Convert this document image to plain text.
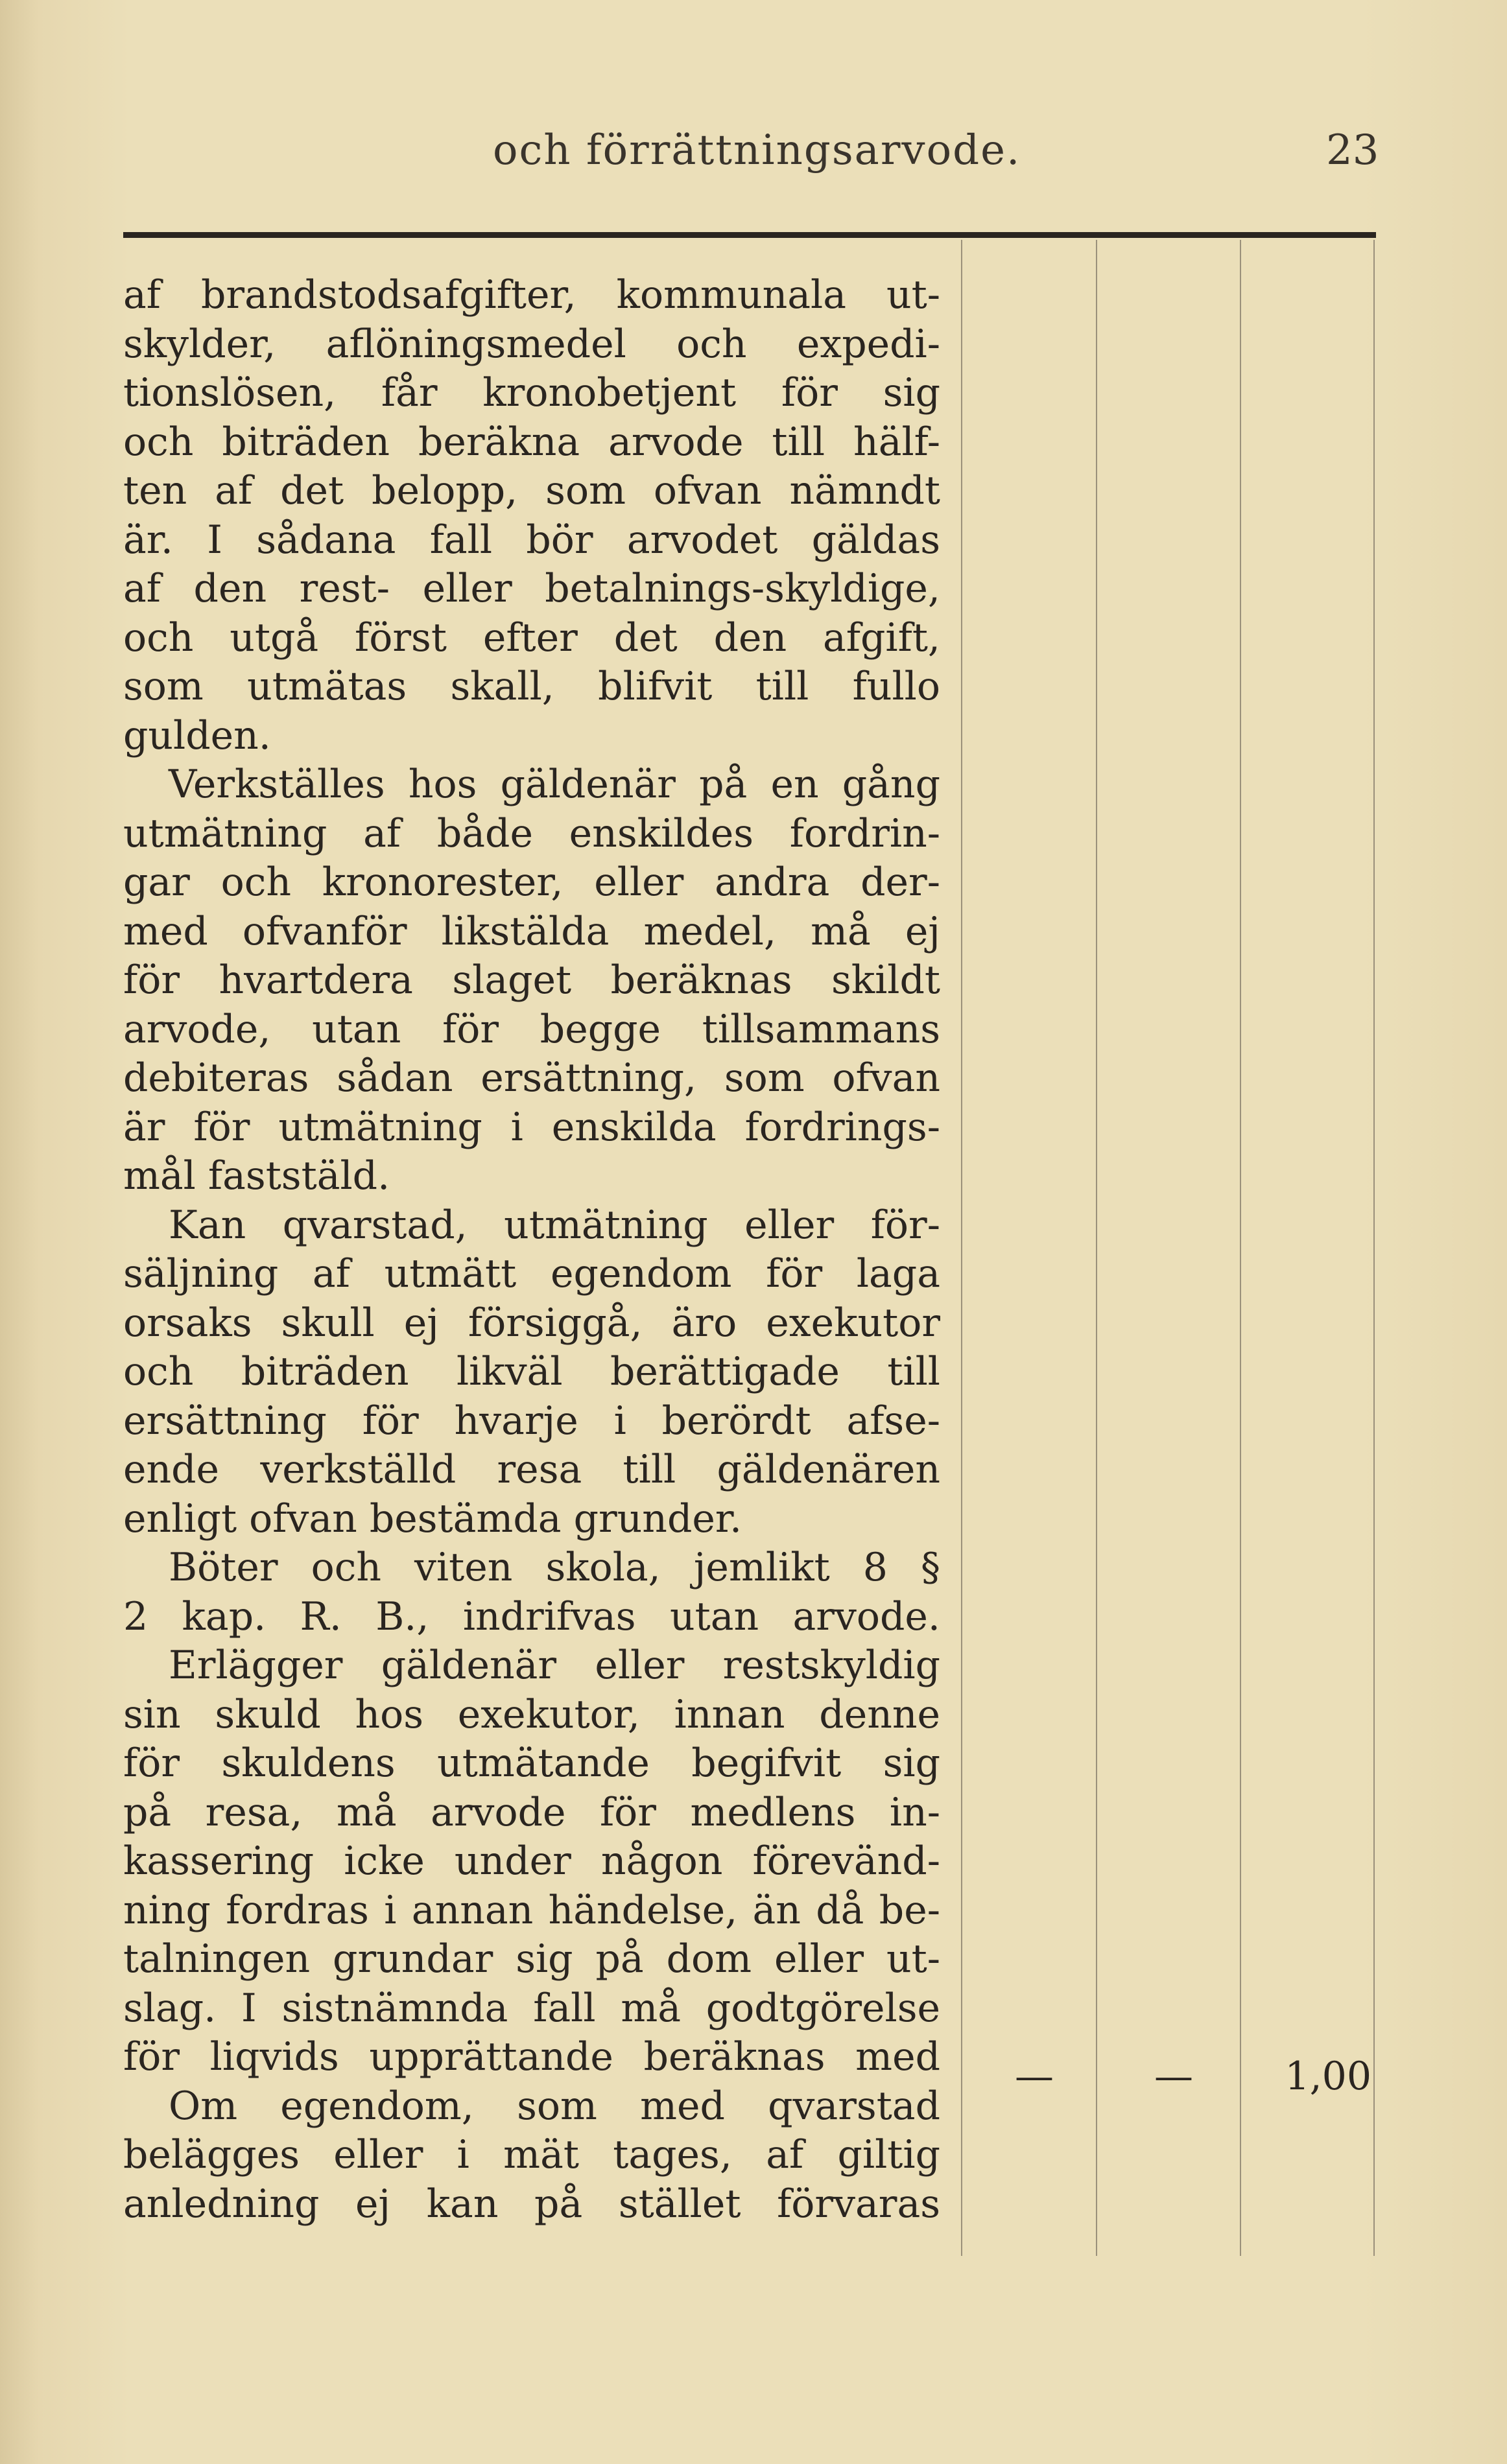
och förrättningsarvode.	23
af brandstodsafgifter, kommunala ut-
skylder, aflöningsmedel och expedi-
tionslösen, får kronobetjent för sig
och biträden beräkna arvode till hälf-
ten af det belopp, som ofvan nämndt
är. I sådana fall bör arvodet gäldas
af den rest- eller betalnings-skyldige,
och utgå först efter det den afgift,
som utmätas skall, blifvit till fullo
gulden.
Verkställes hos gäldenär på en gång
utmätning af både enskildes fordrin-
gar och kronorester, eller andra der-
med ofvanför likstälda medel, må ej
för hvartdera slaget beräknas skildt
arvode, utan för begge tillsammans
debiteras sådan ersättning, som ofvan
är för utmätning i enskilda fordrings-
mål faststäld.
Kan qvarstad, utmätning eller för-
säljning af utmätt egendom för laga
orsaks skull ej försiggå, äro exekutor
och biträden likväl berättigade till
ersättning för hvarje i berördt afse-
ende verkställd resa till gäldenären
enligt ofvan bestämda grunder.
Böter och viten skola, jemlikt 8 §
2 kap. R. B., indrifvas utan arvode.
Erlägger gäldenär eller restskyldig
sin skuld hos exekutor, innan denne
för skuldens utmätande begifvit sig
på resa, må arvode för medlens in-
kassering icke under någon förevänd-
ning fordras i annan händelse, än då be-
talningen grundar sig på dom eller ut-
slag. I sistnämnda fall må godtgörelse
för liqvids upprättande beräknas med
Om egendom, som med qvarstad
belägges eller i mät tages, af giltig
anledning ej kan på stället förvaras
—	— 1,00
